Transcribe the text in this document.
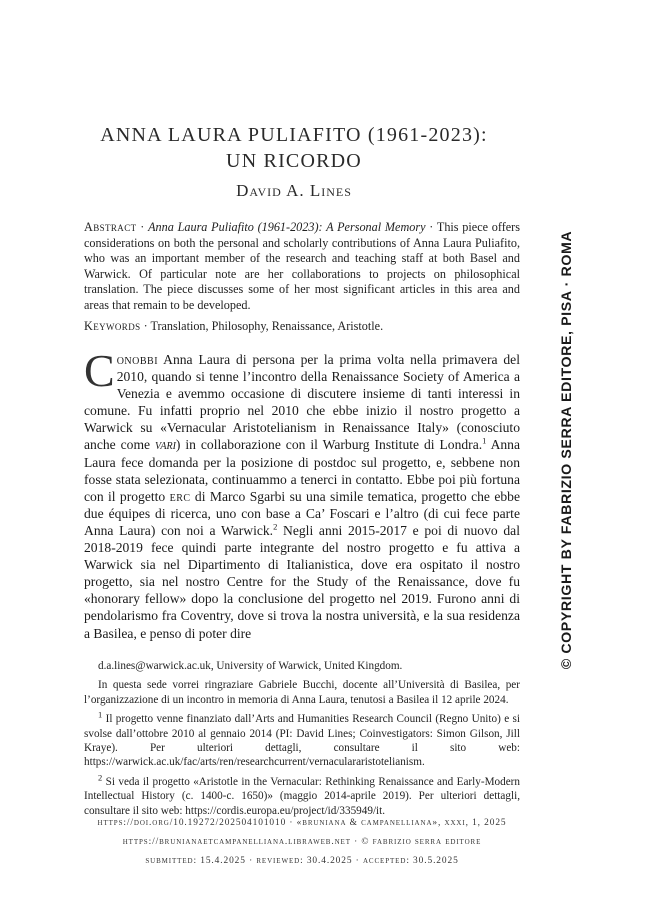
ANNA LAURA PULIAFITO (1961-2023):
UN RICORDO
David A. Lines
Abstract · Anna Laura Puliafito (1961-2023): A Personal Memory · This piece offers considerations on both the personal and scholarly contributions of Anna Laura Puliafito, who was an important member of the research and teaching staff at both Basel and Warwick. Of particular note are her collaborations to projects on philosophical translation. The piece discusses some of her most significant articles in this area and areas that remain to be developed.
Keywords · Translation, Philosophy, Renaissance, Aristotle.
Conobbi Anna Laura di persona per la prima volta nella primavera del 2010, quando si tenne l’incontro della Renaissance Society of America a Venezia e avemmo occasione di discutere insieme di tanti interessi in comune. Fu infatti proprio nel 2010 che ebbe inizio il nostro progetto a Warwick su «Vernacular Aristotelianism in Renaissance Italy» (conosciuto anche come vari) in collaborazione con il Warburg Institute di Londra.$^1$ Anna Laura fece domanda per la posizione di postdoc sul progetto, e, sebbene non fosse stata selezionata, continuammo a tenerci in contatto. Ebbe poi più fortuna con il progetto erc di Marco Sgarbi su una simile tematica, progetto che ebbe due équipes di ricerca, uno con base a Ca’ Foscari e l’altro (di cui fece parte Anna Laura) con noi a Warwick.$^2$ Negli anni 2015-2017 e poi di nuovo dal 2018-2019 fece quindi parte integrante del nostro progetto e fu attiva a Warwick sia nel Dipartimento di Italianistica, dove era ospitato il nostro progetto, sia nel nostro Centre for the Study of the Renaissance, dove fu «honorary fellow» dopo la conclusione del progetto nel 2019. Furono anni di pendolarismo fra Coventry, dove si trova la nostra università, e la sua residenza a Basilea, e penso di poter dire

d.a.lines@warwick.ac.uk, University of Warwick, United Kingdom.

In questa sede vorrei ringraziare Gabriele Bucchi, docente all’Università di Basilea, per l’organizzazione di un incontro in memoria di Anna Laura, tenutosi a Basilea il 12 aprile 2024.

$^1$ Il progetto venne finanziato dall’Arts and Humanities Research Council (Regno Unito) e si svolse dall’ottobre 2010 al gennaio 2014 (PI: David Lines; Coinvestigators: Simon Gilson, Jill Kraye). Per ulteriori dettagli, consultare il sito web: https://warwick.ac.uk/fac/arts/ren/researchcurrent/vernaculararistotelianism.

$^2$ Si veda il progetto «Aristotle in the Vernacular: Rethinking Renaissance and Early-Modern Intellectual History (c. 1400-c. 1650)» (maggio 2014-aprile 2019). Per ulteriori dettagli, consultare il sito web: https://cordis.europa.eu/project/id/335949/it.

https://doi.org/10.19272/202504101010 · «bruniana & campanelliana», xxxi, 1, 2025
https://brunianaetcampanelliana.libraweb.net · © fabrizio serra editore
submitted: 15.4.2025 · reviewed: 30.4.2025 · accepted: 30.5.2025
© COPYRIGHT BY FABRIZIO SERRA EDITORE, PISA · ROMA
